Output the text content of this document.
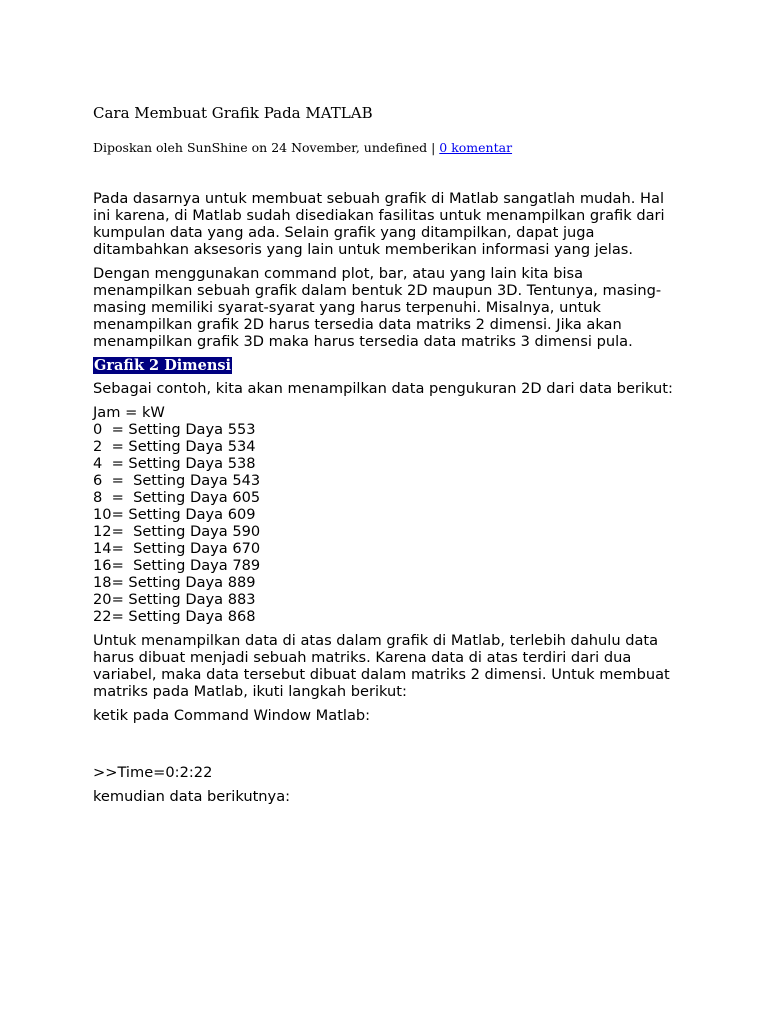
Cara Membuat Grafik Pada MATLAB
Diposkan oleh SunShine on 24 November, undefined | 0 komentar

Pada dasarnya untuk membuat sebuah grafik di Matlab sangatlah mudah. Hal ini karena, di Matlab sudah disediakan fasilitas untuk menampilkan grafik dari kumpulan data yang ada. Selain grafik yang ditampilkan, dapat juga ditambahkan aksesoris yang lain untuk memberikan informasi yang jelas.

Dengan menggunakan command plot, bar, atau yang lain kita bisa menampilkan sebuah grafik dalam bentuk 2D maupun 3D. Tentunya, masing-masing memiliki syarat-syarat yang harus terpenuhi. Misalnya, untuk menampilkan grafik 2D harus tersedia data matriks 2 dimensi. Jika akan menampilkan grafik 3D maka harus tersedia data matriks 3 dimensi pula.

Grafik 2 Dimensi

Sebagai contoh, kita akan menampilkan data pengukuran 2D dari data berikut:

Jam = kW
0  = Setting Daya 553
2  = Setting Daya 534
4  = Setting Daya 538
6  =  Setting Daya 543
8  =  Setting Daya 605
10= Setting Daya 609
12=  Setting Daya 590
14=  Setting Daya 670
16=  Setting Daya 789
18= Setting Daya 889
20= Setting Daya 883
22= Setting Daya 868

Untuk menampilkan data di atas dalam grafik di Matlab, terlebih dahulu data harus dibuat menjadi sebuah matriks. Karena data di atas terdiri dari dua variabel, maka data tersebut dibuat dalam matriks 2 dimensi. Untuk membuat matriks pada Matlab, ikuti langkah berikut:

ketik pada Command Window Matlab:

>>Time=0:2:22

kemudian data berikutnya:
